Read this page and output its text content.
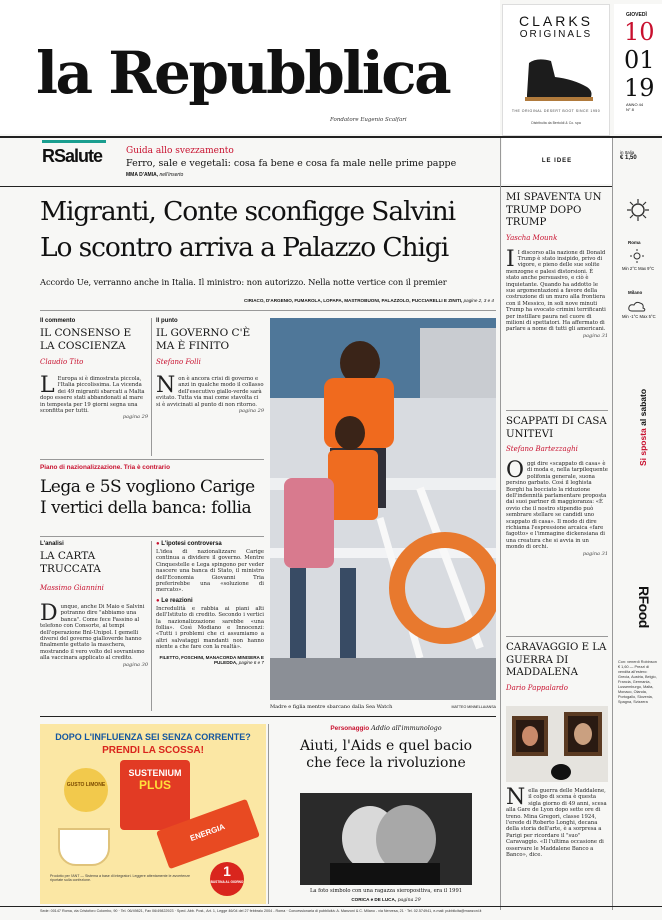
la Repubblica
Fondatore Eugenio Scalfari
CLARKS
ORIGINALS
THE ORIGINAL DESERT BOOT SINCE 1950
Distribuita da Bertoldi & Co. spa
GIOVEDÌ
10
01
19
ANNO 44
N° 8
RSalute	Guida allo svezzamento
Ferro, sale e vegetali: cosa fa bene e cosa fa male nelle prime pappe
MMA D'AMIA, nell'inserto
LE IDEE
in Italia
€ 1,50
Migranti, Conte sconfigge Salvini
Lo scontro arriva a Palazzo Chigi
Accordo Ue, verranno anche in Italia. Il ministro: non autorizzo. Nella notte vertice con il premier
CIRIACO, D'ARGENIO, FUMAROLA, LOPAPA, MASTROBUONI, PALAZZOLO, PUCCIARELLI E ZINITI, pagine 2, 3 e 4
Il commento
IL CONSENSO E LA COSCIENZA
Claudio Tito
L Europa si è dimostrata piccola, l'Italia piccolissima. La vicenda dei 49 migranti sbarcati a Malta dopo essere stati abbandonati al mare in tempesta per 19 giorni segna una sconfitta per tutti.
pagina 29
Il punto
IL GOVERNO C'È MA È FINITO
Stefano Folli
N on è ancora crisi di governo e anzi in qualche modo il collasso dell'esecutivo giallo-verde sarà evitato. Tutta via mai come stavolta ci si è avvicinati al punto di non ritorno.
pagina 29
Piano di nazionalizzazione. Tria è contrario
Lega e 5S vogliono Carige
I vertici della banca: follia
L'analisi
LA CARTA TRUCCATA
Massimo Giannini
D unque, anche Di Maio e Salvini potranno dire "abbiamo una banca". Come fece Fassino al telefono con Consorte, al tempi dell'operazione Bnl-Unipol. I gemelli diversi del governo gialloverde hanno finalmente gettato la maschera, mostrando il vero volto del sovranismo alla vaccinara applicato al credito.
pagina 30
● L'ipotesi controversa
L'idea di nazionalizzare Carige continua a dividere il governo. Mentre Cinquestelle e Lega spingono per veder nascere una banca di Stato, il ministro dell'Economia Giovanni Tria preferirebbe una «soluzione di mercato».
● Le reazioni
Incredulità e rabbia ai piani alti dell'Istituto di credito. Secondo i vertici la nazionalizzazione sarebbe «una follia». Così Modiano e Innocenzi: «Tutti i problemi che ci assumiamo a altri salvataggi mandanti non hanno niente a che fare con la realtà».
FILETTO, FOSCHINI, MANACORDA MINISERA E PULEDDA, pagine 6 e 7
Madre e figlia mentre sbarcano dalla Sea Watch	MATTEO MINNELLA/ANSA
DOPO L'INFLUENZA SEI SENZA CORRENTE?
PRENDI LA SCOSSA!
SUSTENIUM
PLUS
GUSTO LIMONE
ENERGIA
1
BUSTINA AL GIORNO
Prodotto per l'ANT — Sistema a base di integratori. Leggere attentamente le avvertenze riportate sulla confezione.
Personaggio Addio all'immunologo
Aiuti, l'Aids e quel bacio
che fece la rivoluzione
La foto simbolo con una ragazza sieropositiva, era il 1991
CORICA e DE LUCA, pagina 29
MI SPAVENTA UN TRUMP DOPO TRUMP
Yascha Mounk
I I discorso alla nazione di Donald Trump è stato insipido, privo di vigore, e pieno delle sue solite menzogne e palesi distorsioni. È stato anche persuasivo, e ciò è inquietante. Quando ha addotto le sue argomentazioni a favore della costruzione di un muro alla frontiera con il Messico, in soli nove minuti Trump ha evocato crimini terrificanti per instillare paura nel cuore di milioni di spettatori. Ha affermato di parlare a nome di tutti gli americani.
pagina 31
SCAPPATI DI CASA UNITEVI
Stefano Bartezzaghi
O ggi dire «scappato di casa» è di moda e, nella tarpilequente polifonia generale, suona persino garbato. Così il leghista Borghi ha bocciato la riduzione dell'indennità parlamentare proposta dai suoi partner di maggioranza: «È ovvio che il nostro stipendio può sembrare stellare se candidi uno scappato di casa». Il modo di dire richiama l'espressione arcaica «fare fagotto» e l'immagine dickensiana di una creatura che si avvia in un mondo di orchi.
pagina 31
CARAVAGGIO E LA GUERRA DI MADDALENA
Dario Pappalardo
N ella guerra delle Maddalene, il colpo di scena è questa sigla giorno di 49 anni, scesa alla Gare de Lyon dopo sette ore di treno. Mina Gregori, classe 1924, l'erede di Roberto Longhi, decana della storia dell'arte, è a sorpresa a Parigi per ricordare il "suo" Caravaggio. «Il l'ultima occasione di osservare le Maddalene Banco a Banco», dice.
Roma
Min 2°C Max 9°C
Milano
Min -1°C Max 5°C
Si sposta al sabato
RFood
Con: venerdì Robinson € 1,60 — Prezzi di vendita all'estero: Grecia, Austria, Belgio, Francia, Germania, Lussemburgo, Malta, Monaco, Olanda, Portogallo, Slovenia, Spagna, Svizzera
Sede: 00147 Roma, via Cristoforo Colombo, 90 · Tel. 06/49821, Fax 06/49822923 · Sped. Abb. Post., Art. 1, Legge 46/04 del 27 febbraio 2004 - Roma · Concessionaria di pubblicità: A. Manzoni & C. Milano - via Nervesa, 21 · Tel. 02.574941, e-mail: pubblicita@manzoni.it
